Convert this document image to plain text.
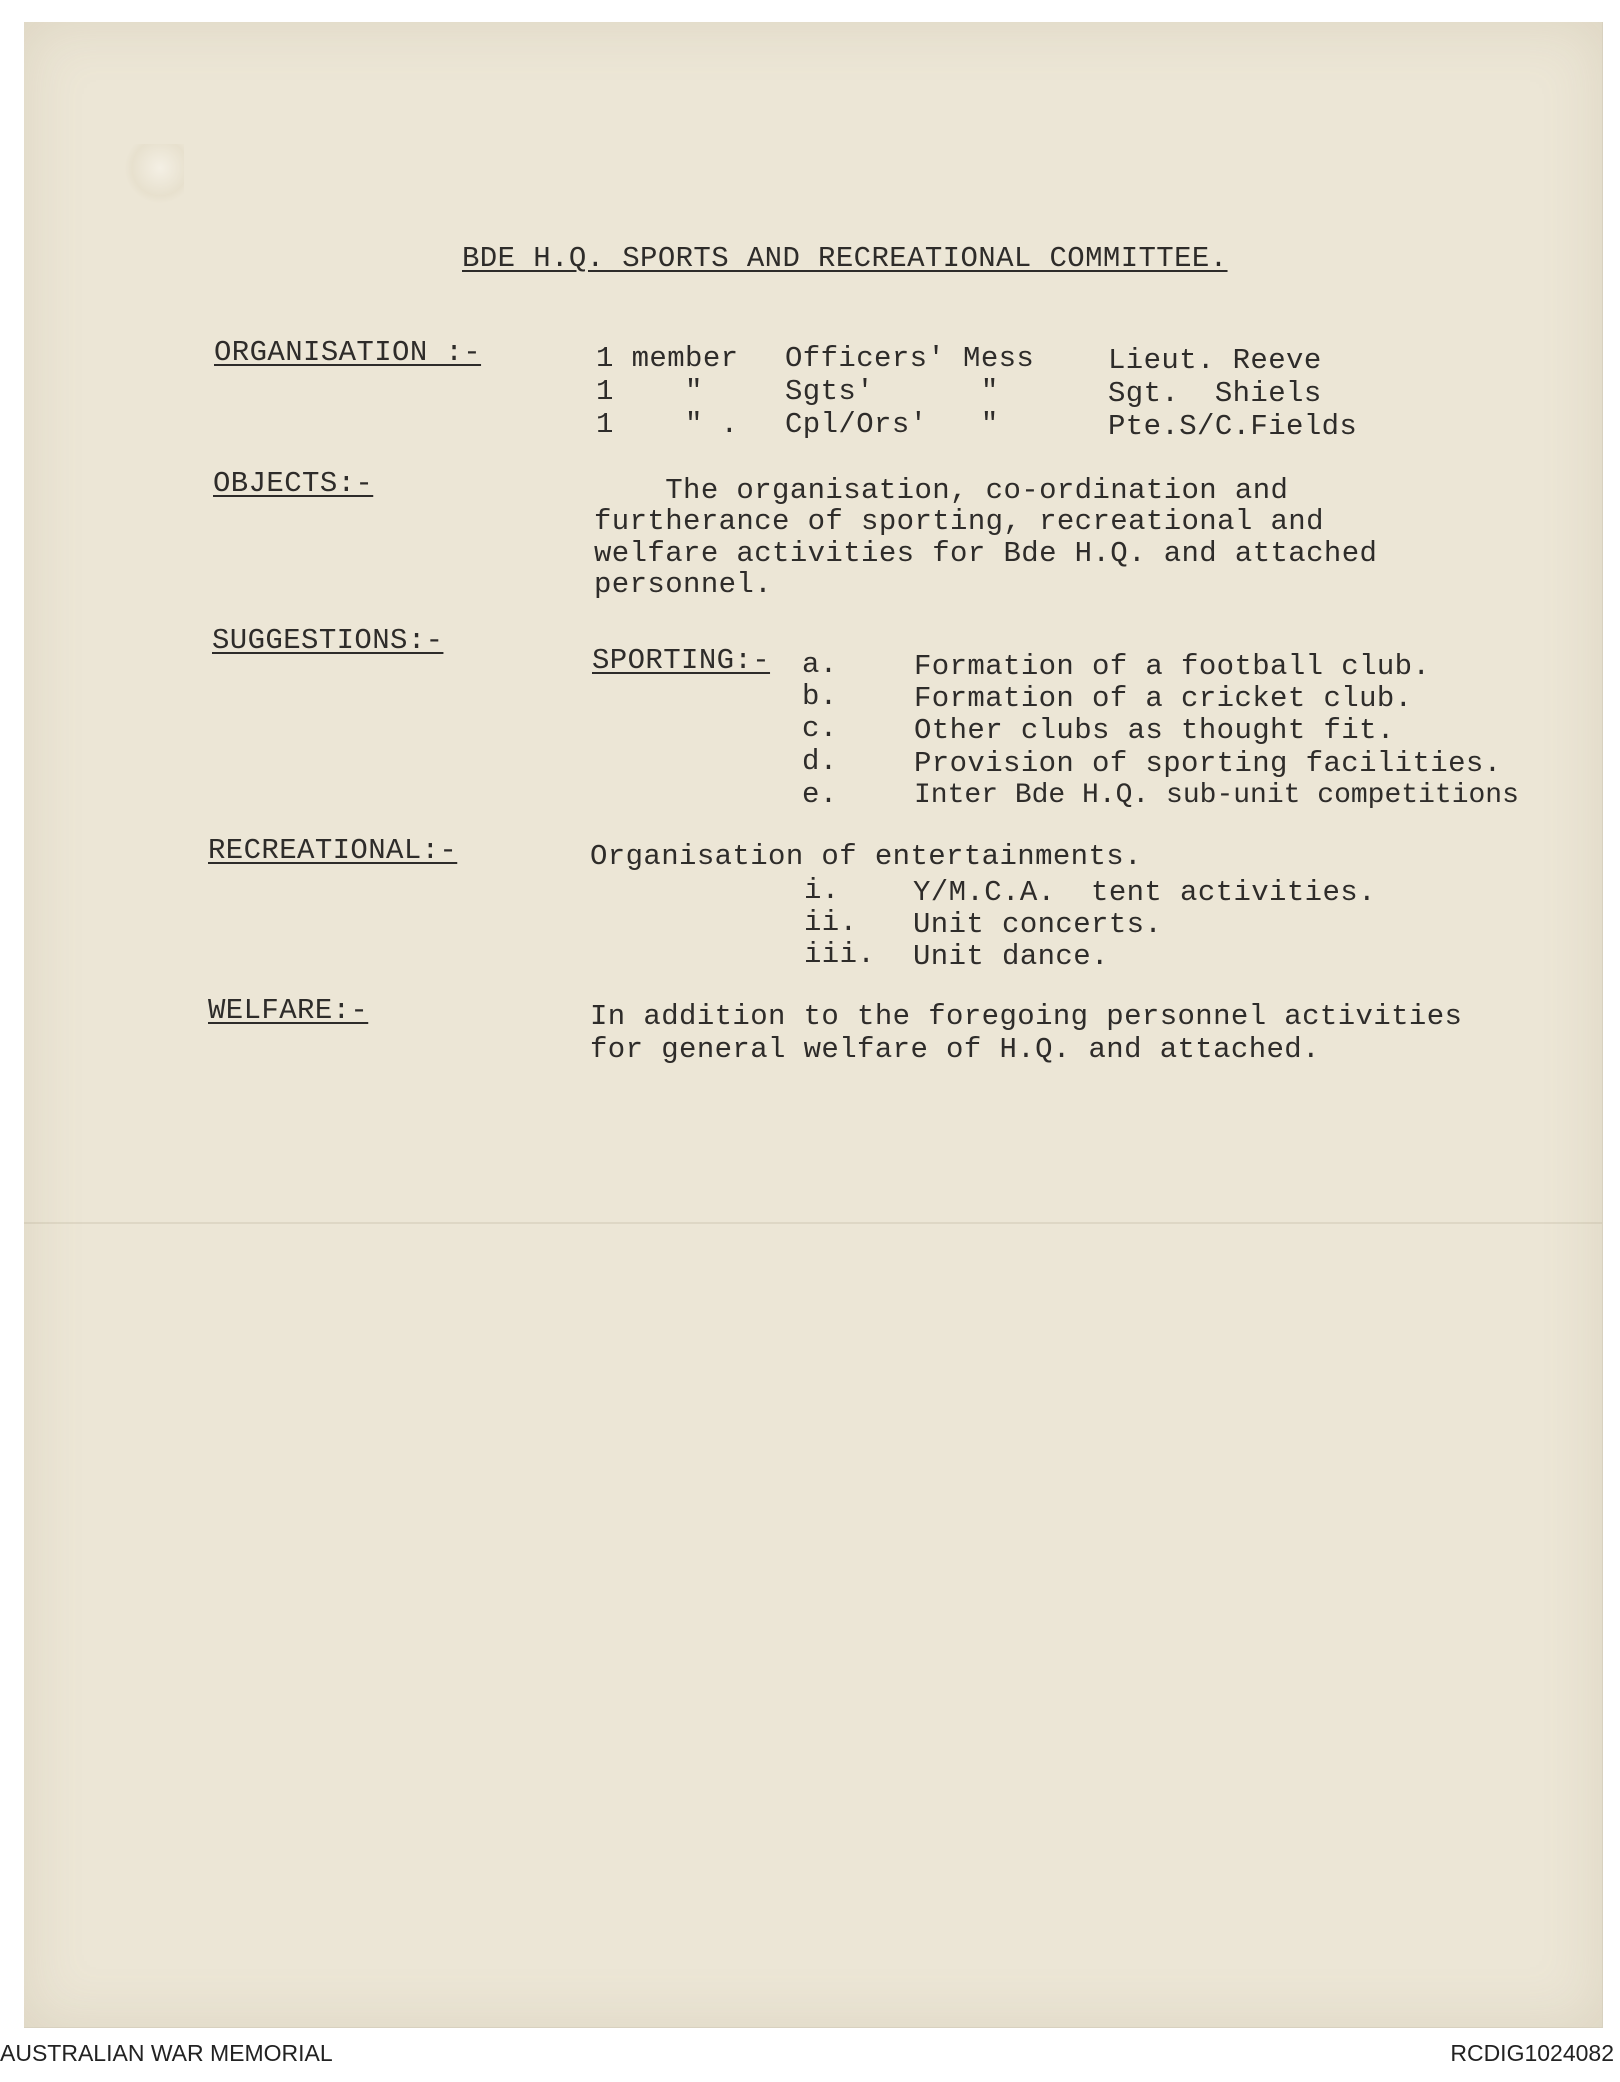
BDE H.Q. SPORTS AND RECREATIONAL COMMITTEE.
ORGANISATION :-	1 member Officers' Mess	Lieut. Reeve
1    "	Sgts'      "	Sgt.  Shiels
1    " . Cpl/Ors'   "	Pte.S/C.Fields
OBJECTS:-	The organisation, co-ordination and
furtherance of sporting, recreational and
welfare activities for Bde H.Q. and attached
personnel.
SUGGESTIONS:-
SPORTING:- a.	Formation of a football club.
b.	Formation of a cricket club.
c.	Other clubs as thought fit.
d.	Provision of sporting facilities.
e.	Inter Bde H.Q. sub-unit competitions
RECREATIONAL:-	Organisation of entertainments.
i.	Y/M.C.A.  tent activities.
ii. Unit concerts.
iii. Unit dance.
WELFARE:-	In addition to the foregoing personnel activities
for general welfare of H.Q. and attached.
AUSTRALIAN WAR MEMORIAL	RCDIG1024082
